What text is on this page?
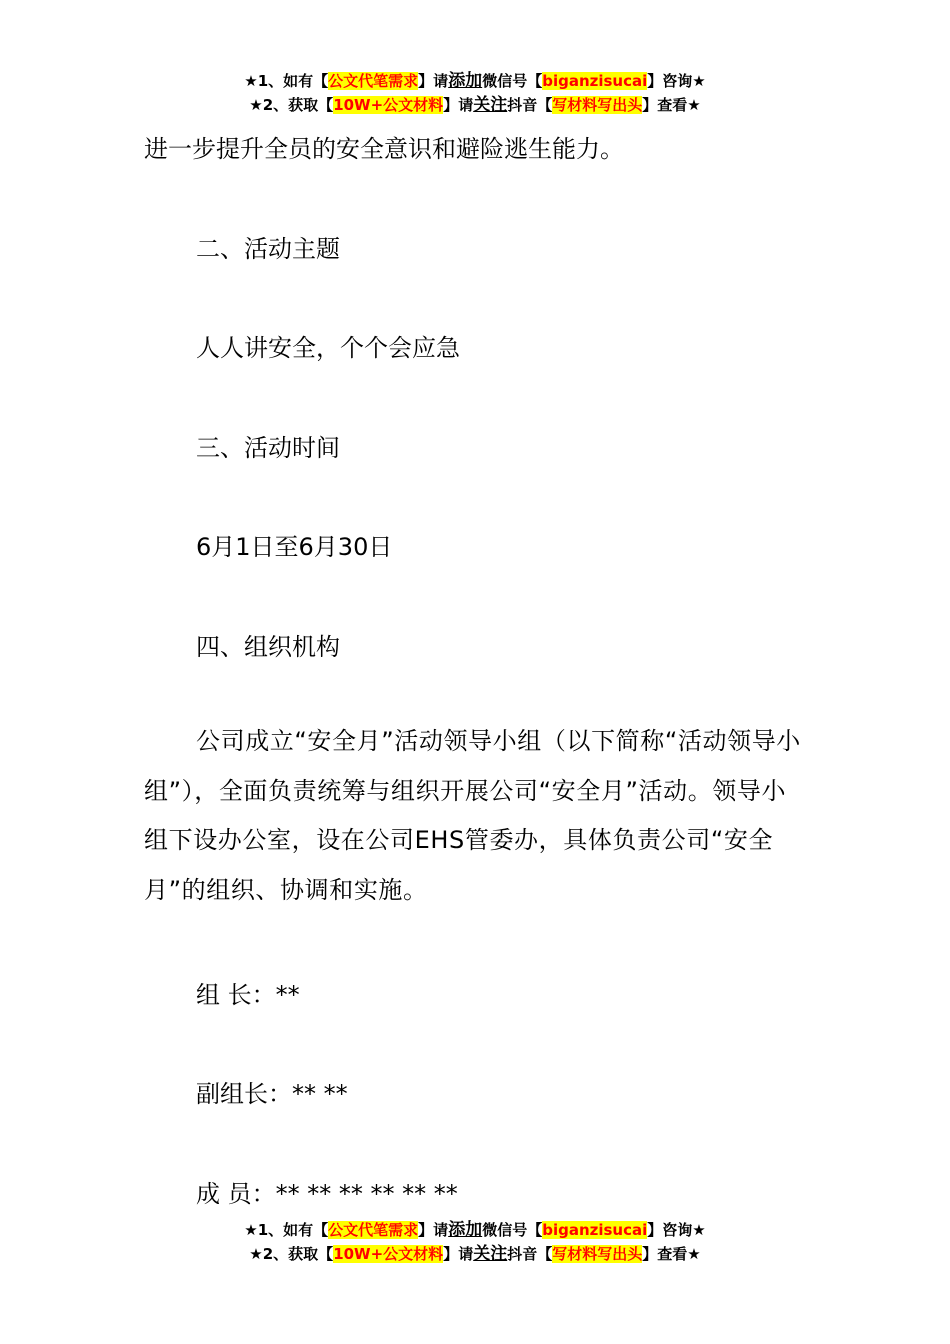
★1、如有【公文代笔需求】请添加微信号【biganzisucai】咨询★
★2、获取【10W+公文材料】请关注抖音【写材料写出头】查看★
进一步提升全员的安全意识和避险逃生能力。
二、活动主题
人人讲安全，个个会应急
三、活动时间
6月1日至6月30日
四、组织机构
公司成立“安全月”活动领导小组（以下简称“活动领导小组”），全面负责统筹与组织开展公司“安全月”活动。领导小组下设办公室，设在公司EHS管委办，具体负责公司“安全月”的组织、协调和实施。
组 长：**
副组长：** **
成 员：** ** ** ** ** **
★1、如有【公文代笔需求】请添加微信号【biganzisucai】咨询★
★2、获取【10W+公文材料】请关注抖音【写材料写出头】查看★
